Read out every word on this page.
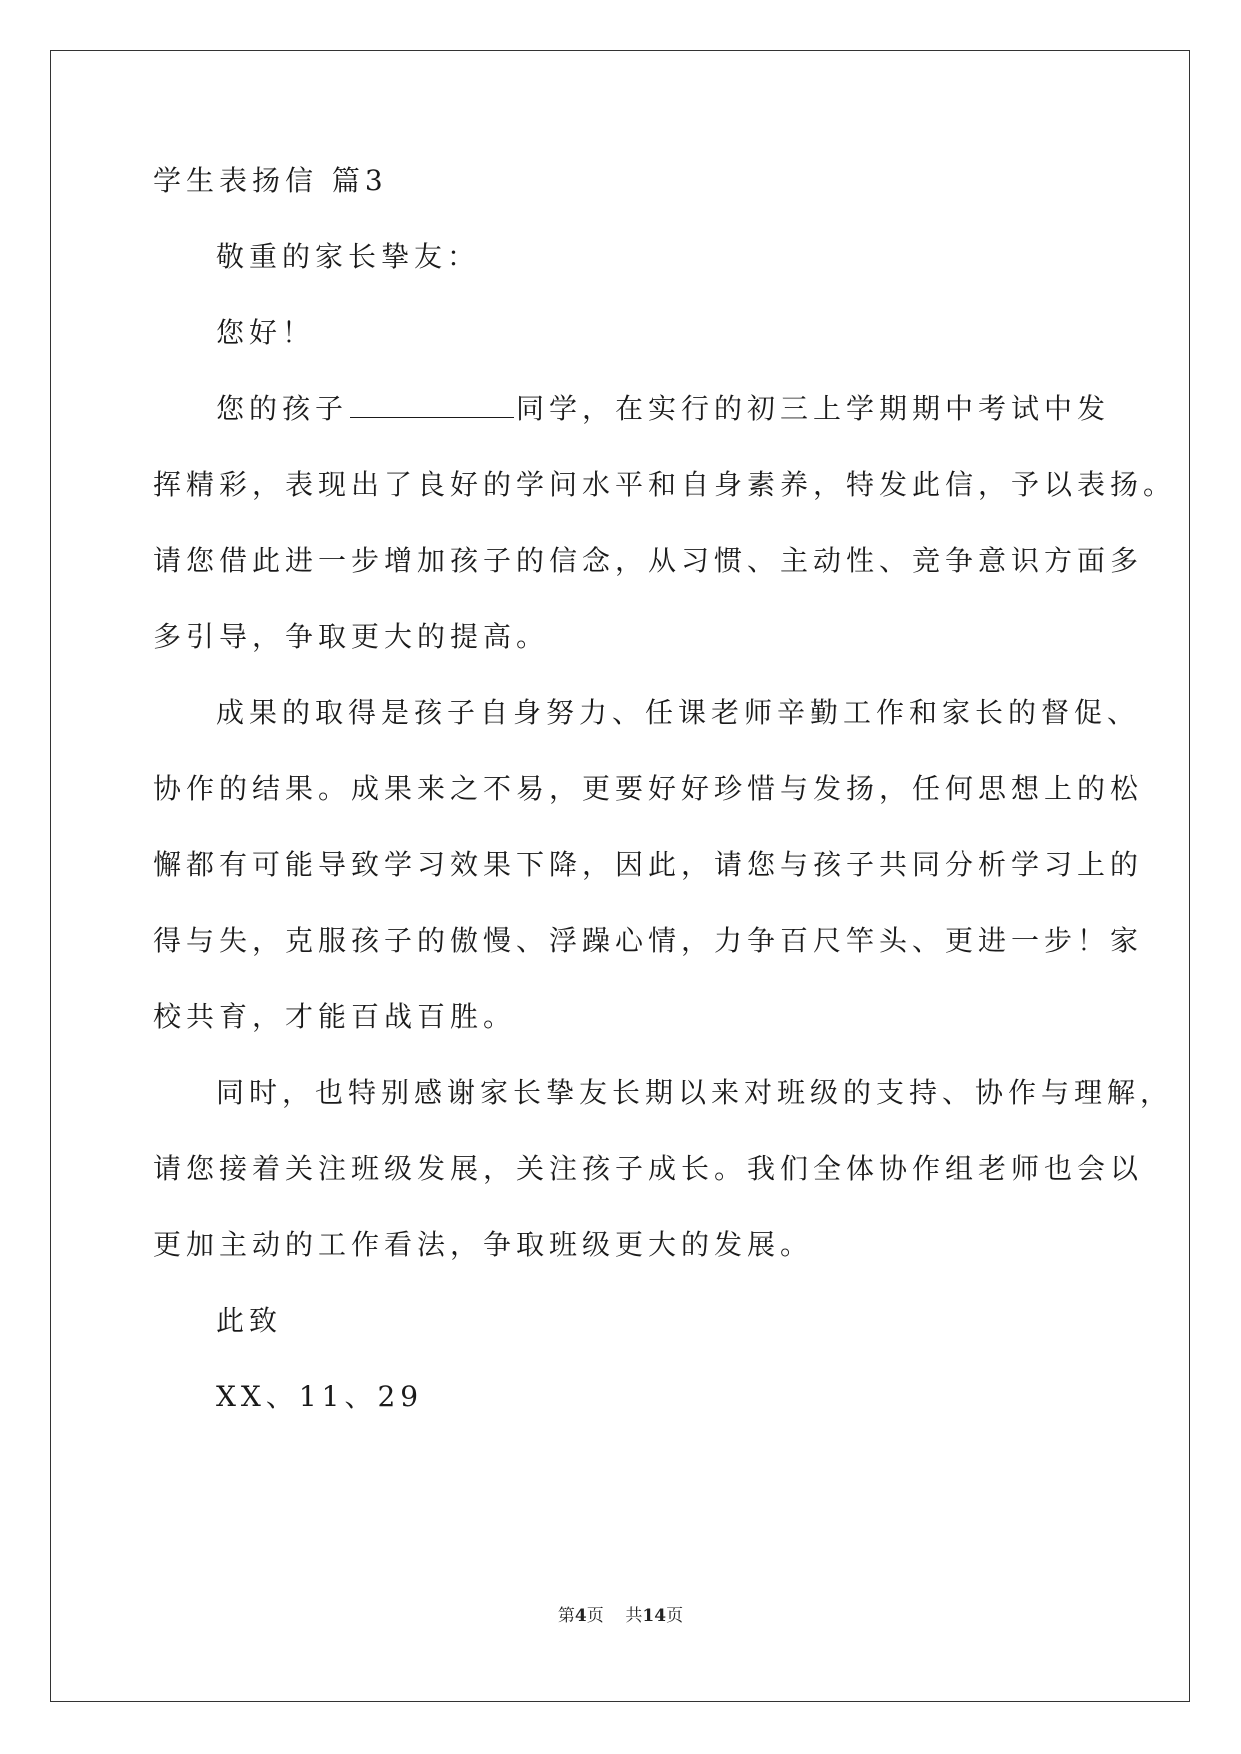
学生表扬信 篇3

敬重的家长挚友：

您好！

您的孩子	同学，在实行的初三上学期期中考试中发

挥精彩，表现出了良好的学问水平和自身素养，特发此信，予以表扬。

请您借此进一步增加孩子的信念，从习惯、主动性、竞争意识方面多

多引导，争取更大的提高。

成果的取得是孩子自身努力、任课老师辛勤工作和家长的督促、

协作的结果。成果来之不易，更要好好珍惜与发扬，任何思想上的松

懈都有可能导致学习效果下降，因此，请您与孩子共同分析学习上的

得与失，克服孩子的傲慢、浮躁心情，力争百尺竿头、更进一步！家

校共育，才能百战百胜。

同时，也特别感谢家长挚友长期以来对班级的支持、协作与理解，

请您接着关注班级发展，关注孩子成长。我们全体协作组老师也会以

更加主动的工作看法，争取班级更大的发展。

此致

XX、11、29

第4页 共14页
